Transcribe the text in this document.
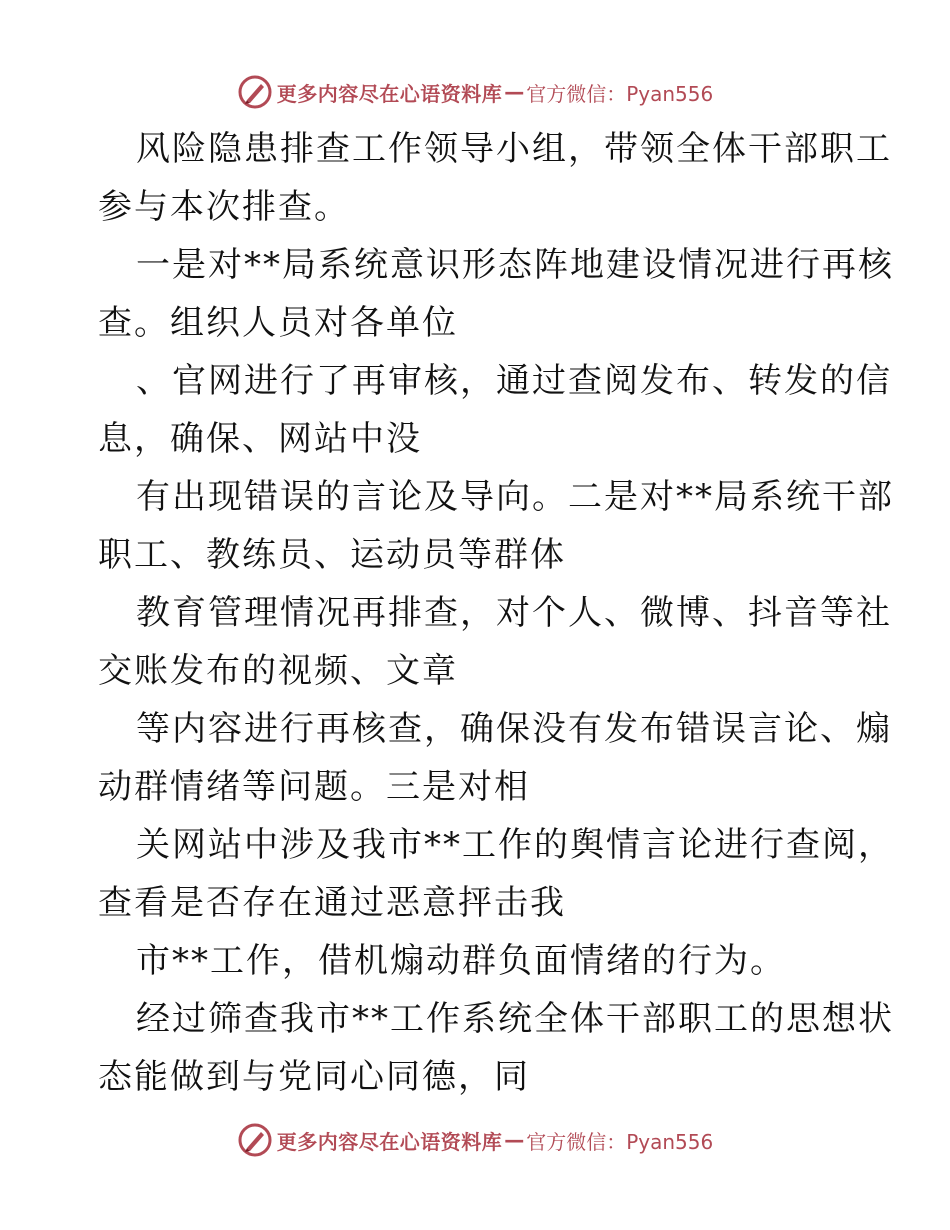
更多内容尽在心语资料库 — 官方微信：Pyan556
风险隐患排查工作领导小组，带领全体干部职工
参与本次排查。
一是对**局系统意识形态阵地建设情况进行再核
查。组织人员对各单位
、官网进行了再审核，通过查阅发布、转发的信
息，确保、网站中没
有出现错误的言论及导向。二是对**局系统干部
职工、教练员、运动员等群体
教育管理情况再排查，对个人、微博、抖音等社
交账发布的视频、文章
等内容进行再核查，确保没有发布错误言论、煽
动群情绪等问题。三是对相
关网站中涉及我市**工作的舆情言论进行查阅，
查看是否存在通过恶意抨击我
市**工作，借机煽动群负面情绪的行为。
经过筛查我市**工作系统全体干部职工的思想状
态能做到与党同心同德，同
更多内容尽在心语资料库 — 官方微信：Pyan556
